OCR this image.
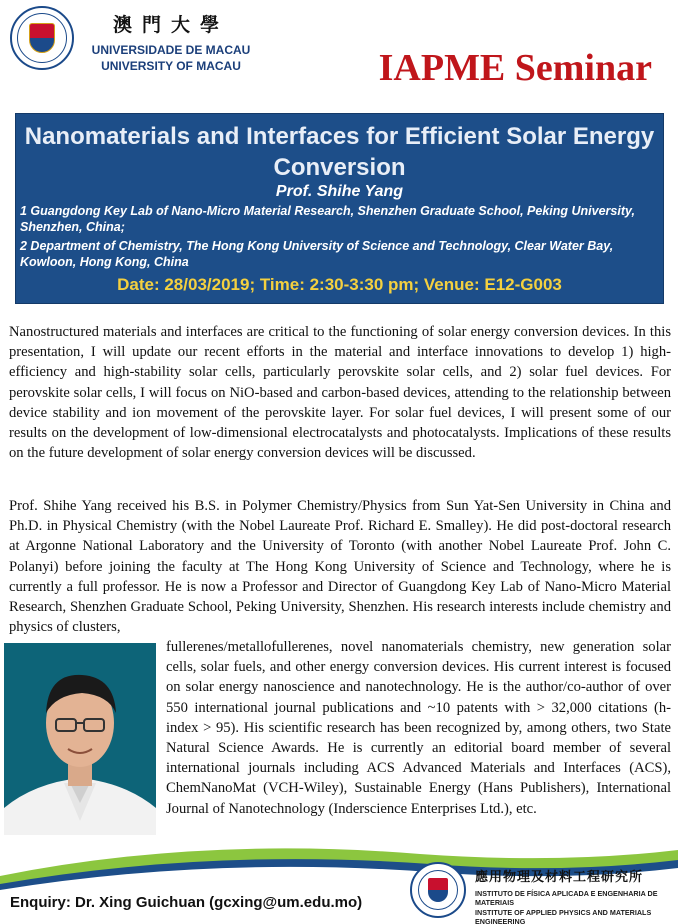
澳門大學
UNIVERSIDADE DE MACAU
UNIVERSITY OF MACAU	IAPME Seminar
Nanomaterials and Interfaces for Efficient Solar Energy Conversion
Prof. Shihe Yang
1 Guangdong Key Lab of Nano-Micro Material Research, Shenzhen Graduate School, Peking University, Shenzhen, China;
2 Department of Chemistry, The Hong Kong University of Science and Technology, Clear Water Bay, Kowloon, Hong Kong, China
Date: 28/03/2019; Time: 2:30-3:30 pm; Venue: E12-G003

Nanostructured materials and interfaces are critical to the functioning of solar energy conversion devices. In this presentation, I will update our recent efforts in the material and interface innovations to develop 1) high-efficiency and high-stability solar cells, particularly perovskite solar cells, and 2) solar fuel devices. For perovskite solar cells, I will focus on NiO-based and carbon-based devices, attending to the relationship between device stability and ion movement of the perovskite layer. For solar fuel devices, I will present some of our results on the development of low-dimensional electrocatalysts and photocatalysts. Implications of these results on the future development of solar energy conversion devices will be discussed.

Prof. Shihe Yang received his B.S. in Polymer Chemistry/Physics from Sun Yat-Sen University in China and Ph.D. in Physical Chemistry (with the Nobel Laureate Prof. Richard E. Smalley). He did post-doctoral research at Argonne National Laboratory and the University of Toronto (with another Nobel Laureate Prof. John C. Polanyi) before joining the faculty at The Hong Kong University of Science and Technology, where he is currently a full professor. He is now a Professor and Director of Guangdong Key Lab of Nano-Micro Material Research, Shenzhen Graduate School, Peking University, Shenzhen. His research interests include chemistry and physics of clusters,

fullerenes/metallofullerenes, novel nanomaterials chemistry, new generation solar cells, solar fuels, and other energy conversion devices. His current interest is focused on solar energy nanoscience and nanotechnology. He is the author/co-author of over 550 international journal publications and ~10 patents with > 32,000 citations (h-index > 95). His scientific research has been recognized by, among others, two State Natural Science Awards. He is currently an editorial board member of several international journals including ACS Advanced Materials and Interfaces (ACS), ChemNanoMat (VCH-Wiley), Sustainable Energy (Hans Publishers), International Journal of Nanotechnology (Inderscience Enterprises Ltd.), etc.

Enquiry: Dr. Xing Guichuan (gcxing@um.edu.mo)
應用物理及材料工程研究所
INSTITUTO DE FÍSICA APLICADA E ENGENHARIA DE MATERIAIS
INSTITUTE OF APPLIED PHYSICS AND MATERIALS ENGINEERING
